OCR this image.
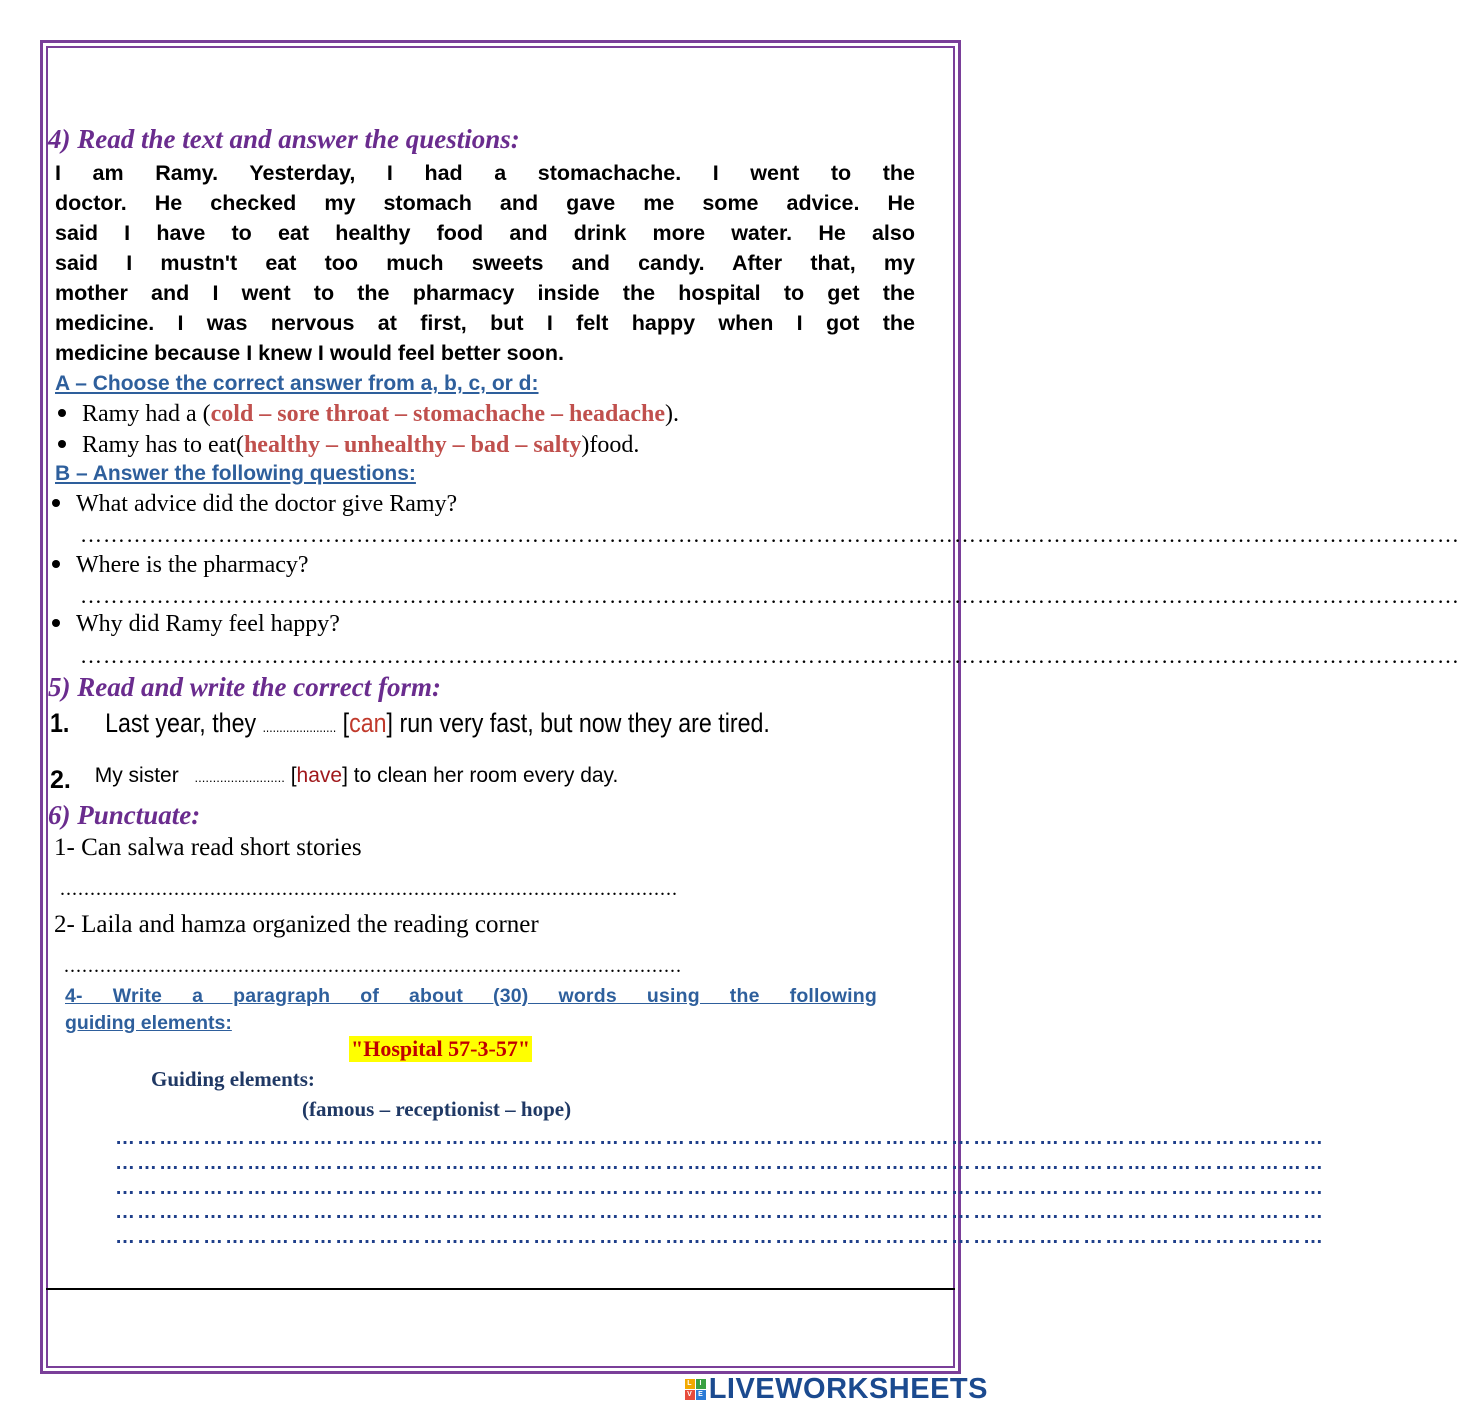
4) Read the text and answer the questions:
I am Ramy. Yesterday, I had a stomachache. I went to the
doctor. He checked my stomach and gave me some advice. He
said I have to eat healthy food and drink more water. He also
said I mustn't eat too much sweets and candy. After that, my
mother and I went to the pharmacy inside the hospital to get the
medicine. I was nervous at first, but I felt happy when I got the
medicine because I knew I would feel better soon.
A – Choose the correct answer from a, b, c, or d:
Ramy had a (cold – sore throat – stomachache – headache).
Ramy has to eat(healthy – unhealthy – bad – salty)food.
B – Answer the following questions:
What advice did the doctor give Ramy?
………………………………………………………………………………………………………………………………………………………………
Where is the pharmacy?
………………………………………………………………………………………………………………………………………………………………
Why did Ramy feel happy?
………………………………………………………………………………………………………………………………………………………………
5) Read and write the correct form:
1. Last year, they ...................... [can] run very fast, but now they are tired.
2. My sister ......................... [have] to clean her room every day.
6) Punctuate:
1- Can salwa read short stories
.......................................................................................................
2- Laila and hamza organized the reading corner
.......................................................................................................
4- Write a paragraph of about (30) words using the following
guiding elements:
"Hospital 57-3-57"
Guiding elements:
(famous – receptionist – hope)
…………………………………………………………………………………………………………………………………………………
…………………………………………………………………………………………………………………………………………………
…………………………………………………………………………………………………………………………………………………
…………………………………………………………………………………………………………………………………………………
…………………………………………………………………………………………………………………………………………………
L	I
V E LIVEWORKSHEETS
